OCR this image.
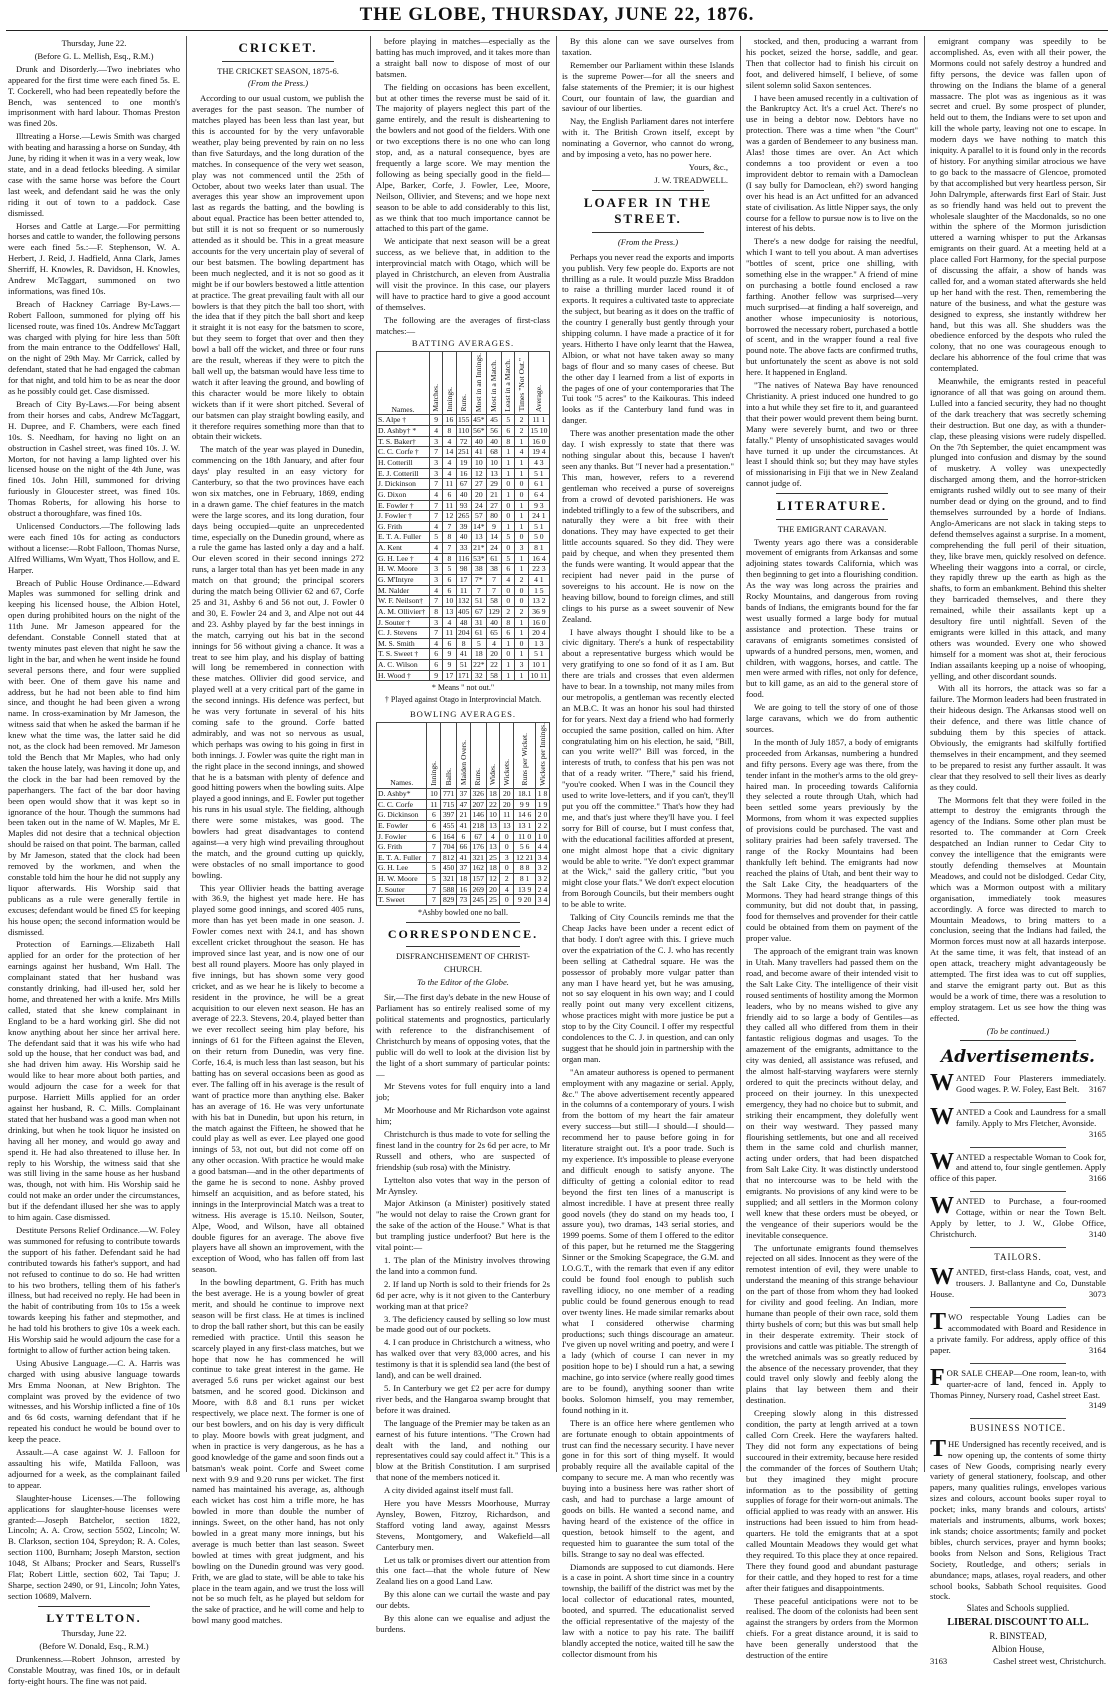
THE GLOBE, THURSDAY, JUNE 22, 1876.
Thursday, June 22.
(Before G. L. Mellish, Esq., R.M.)

Drunk and Disorderly.—Two inebriates who appeared for the first time were each fined 5s. E. T. Cockerell, who had been repeatedly before the Bench, was sentenced to one month's imprisonment with hard labour. Thomas Preston was fined 20s.

Illtreating a Horse.—Lewis Smith was charged with beating and harassing a horse on Sunday, 4th June, by riding it when it was in a very weak, low state, and in a dead fetlocks bleeding. A similar case with the same horse was before the Court last week, and defendant said he was the only riding it out of town to a paddock. Case dismissed.

Horses and Cattle at Large.—For permitting horses and cattle to wander, the following persons were each fined 5s.:—F. Stephenson, W. A. Herbert, J. Reid, J. Hadfield, Anna Clark, James Sherriff, H. Knowles, R. Davidson, H. Knowles, Andrew McTaggart, summoned on two informations, was fined 10s.

Breach of Hackney Carriage By-Laws.—Robert Falloon, summoned for plying off his licensed route, was fined 10s. Andrew McTaggart was charged with plying for hire less than 50ft from the main entrance to the Oddfellows' Hall, on the night of 29th May. Mr Carrick, called by defendant, stated that he had engaged the cabman for that night, and told him to be as near the door as he possibly could get. Case dismissed.

Breach of City By-Laws.—For being absent from their horses and cabs, Andrew McTaggart, H. Dupree, and F. Chambers, were each fined 10s. S. Needham, for having no light on an obstruction in Cashel street, was fined 10s. J. W. Morton, for not having a lamp lighted over his licensed house on the night of the 4th June, was fined 10s. John Hill, summoned for driving furiously in Gloucester street, was fined 10s. Thomas Roberts, for allowing his horse to obstruct a thoroughfare, was fined 10s.

Unlicensed Conductors.—The following lads were each fined 10s for acting as conductors without a license:—Robt Falloon, Thomas Nurse, Alfred Williams, Wm Wyatt, Thos Hollow, and E. Harper.

Breach of Public House Ordinance.—Edward Maples was summoned for selling drink and keeping his licensed house, the Albion Hotel, open during prohibited hours on the night of the 11th June. Mr Jameson appeared for the defendant. Constable Connell stated that at twenty minutes past eleven that night he saw the light in the bar, and when he went inside he found several persons there, and four were supplied with beer. One of them gave his name and address, but he had not been able to find him since, and thought he had been given a wrong name. In cross-examination by Mr Jameson, the witness said that when he asked the barman if he knew what the time was, the latter said he did not, as the clock had been removed. Mr Jameson told the Bench that Mr Maples, who had only taken the house lately, was having it done up, and the clock in the bar had been removed by the paperhangers. The fact of the bar door having been open would show that it was kept so in ignorance of the hour. Though the summons had been taken out in the name of W. Maples, Mr E. Maples did not desire that a technical objection should be raised on that point. The barman, called by Mr Jameson, stated that the clock had been removed by the workmen, and when the constable told him the hour he did not supply any liquor afterwards. His Worship said that publicans as a rule were generally fertile in excuses; defendant would be fined £5 for keeping his house open; the second information would be dismissed.

Protection of Earnings.—Elizabeth Hall applied for an order for the protection of her earnings against her husband, Wm Hall. The complainant stated that her husband was constantly drinking, had ill-used her, sold her home, and threatened her with a knife. Mrs Mills called, stated that she knew complainant in England to be a hard working girl. She did not know anything about her since her arrival here. The defendant said that it was his wife who had sold up the house, that her conduct was bad, and she had driven him away. His Worship said he would like to hear more about both parties, and would adjourn the case for a week for that purpose. Harriett Mills applied for an order against her husband, R. C. Mills. Complainant stated that her husband was a good man when not drinking, but when he took liquor he insisted on having all her money, and would go away and spend it. He had also threatened to illuse her. In reply to his Worship, the witness said that she was still living in the same house as her husband was, though, not with him. His Worship said he could not make an order under the circumstances, but if the defendant illused her she was to apply to him again. Case dismissed.

Destitute Persons Relief Ordinance.—W. Foley was summoned for refusing to contribute towards the support of his father. Defendant said he had contributed towards his father's support, and had not refused to continue to do so. He had written to his two brothers, telling them of his father's illness, but had received no reply. He had been in the habit of contributing from 10s to 15s a week towards keeping his father and stepmother, and he had told his brothers to give 10s a week each. His Worship said he would adjourn the case for a fortnight to allow of further action being taken.

Using Abusive Language.—C. A. Harris was charged with using abusive language towards Mrs Emma Noonan, at New Brighton. The complaint was proved by the evidence of two witnesses, and his Worship inflicted a fine of 10s and 6s 6d costs, warning defendant that if he repeated his conduct he would be bound over to keep the peace.

Assault.—A case against W. J. Falloon for assaulting his wife, Matilda Falloon, was adjourned for a week, as the complainant failed to appear.

Slaughter-house Licenses.—The following applications for slaughter-house licenses were granted:—Joseph Batchelor, section 1822, Lincoln; A. A. Crow, section 5502, Lincoln; W. B. Clarkson, section 104, Spreydon; R. A. Coles, section 1100, Burnham; Joseph Marston, section 1048, St Albans; Procker and Sears, Russell's Flat; Robert Little, section 602, Tai Tapu; J. Sharpe, section 2490, or 91, Lincoln; John Yates, section 10689, Malvern.

LYTTELTON.
Thursday, June 22.
(Before W. Donald, Esq., R.M.)

Drunkenness.—Robert Johnson, arrested by Constable Moutray, was fined 10s, or in default forty-eight hours. The fine was not paid.

CRICKET.
THE CRICKET SEASON, 1875-6.
(From the Press.)

According to our usual custom, we publish the averages for the past season. The number of matches played has been less than last year, but this is accounted for by the very unfavorable weather, play being prevented by rain on no less than five Saturdays, and the long duration of the matches. In consequence of the very wet season, play was not commenced until the 25th of October, about two weeks later than usual. The averages this year show an improvement upon last as regards the batting, and the bowling is about equal. Practice has been better attended to, but still it is not so frequent or so numerously attended as it should be. This in a great measure accounts for the very uncertain play of several of our best batsmen. The bowling department has been much neglected, and it is not so good as it might be if our bowlers bestowed a little attention at practice. The great prevailing fault with all our bowlers is that they pitch the ball too short, with the idea that if they pitch the ball short and keep it straight it is not easy for the batsmen to score, but they seem to forget that over and then they bowl a ball off the wicket, and three or four runs are the result, whereas if they were to pitch the ball well up, the batsman would have less time to watch it after leaving the ground, and bowling of this character would be more likely to obtain wickets than if it were short pitched. Several of our batsmen can play straight bowling easily, and it therefore requires something more than that to obtain their wickets.

The match of the year was played in Dunedin, commencing on the 18th January, and after four days' play resulted in an easy victory for Canterbury, so that the two provinces have each won six matches, one in February, 1869, ending in a drawn game. The chief features in the match were the large scores, and its long duration, four days being occupied—quite an unprecedented time, especially on the Dunedin ground, where as a rule the game has lasted only a day and a half. Our eleven scored in their second innings 272 runs, a larger total than has yet been made in any match on that ground; the principal scorers during the match being Ollivier 62 and 67, Corfe 25 and 31, Ashby 6 and 56 not out, J. Fowler 0 and 30, E. Fowler 24 and 3, and Alpe not out 44 and 23. Ashby played by far the best innings in the match, carrying out his bat in the second innings for 56 without giving a chance. It was a treat to see him play, and his display of batting will long be remembered in connection with these matches. Ollivier did good service, and played well at a very critical part of the game in the second innings. His defence was perfect, but he was very fortunate in several of his hits coming safe to the ground. Corfe batted admirably, and was not so nervous as usual, which perhaps was owing to his going in first in both innings. J. Fowler was quite the right man in the right place in the second innings, and showed that he is a batsman with plenty of defence and good hitting powers when the bowling suits. Alpe played a good innings, and E. Fowler put together his runs in his usual style. The fielding, although there were some mistakes, was good. The bowlers had great disadvantages to contend against—a very high wind prevailing throughout the match, and the ground cutting up quickly, were obstacles of no small importance to good bowling.

This year Ollivier heads the batting average with 36.9, the highest yet made here. He has played some good innings, and scored 405 runs, more than has yet been made in one season. J. Fowler comes next with 24.1, and has shown excellent cricket throughout the season. He has improved since last year, and is now one of our best all round players. Moore has only played in five innings, but has shown some very good cricket, and as we hear he is likely to become a resident in the province, he will be a great acquisition to our eleven next season. He has an average of 22.3. Stevens, 20.4, played better than we ever recollect seeing him play before, his innings of 61 for the Fifteen against the Eleven, on their return from Dunedin, was very fine. Corfe, 16.4, is much less than last season, but his batting has on several occasions been as good as ever. The falling off in his average is the result of want of practice more than anything else. Baker has an average of 16. He was very unfortunate with his bat in Dunedin, but upon his return, in the match against the Fifteen, he showed that he could play as well as ever. Lee played one good innings of 53, not out, but did not come off on any other occasion. With practice he would make a good batsman—and in the other departments of the game he is second to none. Ashby proved himself an acquisition, and as before stated, his innings in the Interprovincial Match was a treat to witness. His average is 15.10. Neilson, Souter, Alpe, Wood, and Wilson, have all obtained double figures for an average. The above five players have all shown an improvement, with the exception of Wood, who has fallen off from last season.

In the bowling department, G. Frith has much the best average. He is a young bowler of great merit, and should he continue to improve next season will be first class. He at times is inclined to drop the ball rather short, but this can be easily remedied with practice. Until this season he scarcely played in any first-class matches, but we hope that now he has commenced he will continue to take great interest in the game. He averaged 5.6 runs per wicket against our best batsmen, and he scored good. Dickinson and Moore, with 8.8 and 8.1 runs per wicket respectively, we place next. The former is one of our best bowlers, and on his day is very difficult to play. Moore bowls with great judgment, and when in practice is very dangerous, as he has a good knowledge of the game and soon finds out a batsman's weak point. Corfe and Sweet come next with 9.9 and 9.20 runs per wicket. The first named has maintained his average, as, although each wicket has cost him a trifle more, he has bowled in more than double the number of innings. Sweet, on the other hand, has not only bowled in a great many more innings, but his average is much better than last season. Sweet bowled at times with great judgment, and his bowling on the Dunedin ground was very good. Frith, we are glad to state, will be able to take his place in the team again, and we trust the loss will not be so much felt, as he played but seldom for the sake of practice, and he will come and help to bowl many good matches.

before playing in matches—especially as the batting has much improved, and it takes more than a straight ball now to dispose of most of our batsmen.

The fielding on occasions has been excellent, but at other times the reverse must be said of it. The majority of players neglect this part of the game entirely, and the result is disheartening to the bowlers and not good of the fielders. With one or two exceptions there is no one who can long stop, and, as a natural consequence, byes are frequently a large score. We may mention the following as being specially good in the field—Alpe, Barker, Corfe, J. Fowler, Lee, Moore, Neilson, Ollivier, and Stevens; and we hope next season to be able to add considerably to this list, as we think that too much importance cannot be attached to this part of the game.

We anticipate that next season will be a great success, as we believe that, in addition to the interprovincial match with Otago, which will be played in Christchurch, an eleven from Australia will visit the province. In this case, our players will have to practice hard to give a good account of themselves.

The following are the averages of first-class matches:—

BATTING AVERAGES.
Names.	Matches.	Innings.	Runs.	Most in an Innings.	Most in a Match.	Least in a Match.	Times "Not Out."	Average.
S. Alpe †	9	16	155	45*	45	5	2	11 1
D. Ashby† *	4	8	110	56*	56	6	2	15 10
T. S. Baker†	3	4	72	40	40	8	1	16 0
C. C. Corfe †	7	14	251	41	68	1	4	19 4
H. Cotterill	3	4	19	10	10	1	1	4 3
E. J. Cotterill	3	4	16	12	13	1	1	5 1
J. Dickinson	7	11	67	27	29	0	0	6 1
G. Dixon	4	6	40	20	21	1	0	6 4
E. Fowler †	7	11	93	24	27	0	1	9 3
J. Fowler †	7	12	265	57	80	0	1	24 1
G. Frith	4	7	39	14*	9	1	1	5 1
E. T. A. Fuller	5	8	40	13	14	5	0	5 0
A. Kent	4	7	33	21*	24	0	3	8 1
G. H. Lee †	4	8	116	53*	61	5	1	16 4
H. W. Moore	3	5	98	38	38	6	1	22 3
G. M'Intyre	3	6	17	7*	7	4	2	4 1
M. Nalder	4	6	11	7	7	0	0	1 5
W. F. Neilson†	7	10	132	51	58	0	0	13 2
A. M. Ollivier†	8	13	405	67	129	2	2	36 9
J. Souter †	3	4	48	31	40	8	1	16 0
C. J. Stevens	7	11	204	61	65	6	1	20 4
M. S. Smith	4	6	8	5	4	1	0	1 3
T. S. Sweet †	6	9	41	18	20	0	1	5 1
A. C. Wilson	6	9	51	22*	22	1	3	10 1
H. Wood †	9	17	171	32	58	1	1	10 11
* Means " not out."
† Played against Otago in Interprovincial Match.
BOWLING AVERAGES.
Names.	Innings.	Balls.	Maiden Overs.	Runs.	Wides.	Wickets.	Runs per Wicket.	Wickets per Innings.
D. Ashby*	10	771	37	326	18	20	18.1	1 8
C. C. Corfe	11	715	47	207	22	20	9 9	1 9
G. Dickinson	6	397	21	146	10	11	14 6	2 0
E. Fowler	6	455	41	218	13	13	13 1	2 2
J. Fowler	6	164	6	67	4	0	11 0	1 0
G. Frith	7	704	66	176	13	0	5 6	4 4
E. T. A. Fuller	7	812	41	321	25	3	12 21	3 4
G. H. Lee	5	450	37	162	18	0	8 8	3 2
H. W. Moore	5	321	18	157	12	2	8 1	3 2
J. Souter	7	588	16	269	20	4	13 9	2 4
T. Sweet	7	829	73	245	25	0	9 20	3 4
*Ashby bowled one no ball.
CORRESPONDENCE.
DISFRANCHISEMENT OF CHRIST-
CHURCH.
To the Editor of the Globe.

Sir,—The first day's debate in the new House of Parliament has so entirely realised some of my political statements and prognostics, particularly with reference to the disfranchisement of Christchurch by means of opposing votes, that the public will do well to look at the division list by the light of a short summary of particular points:—

Mr Stevens votes for full enquiry into a land job;

Mr Moorhouse and Mr Richardson vote against him;

Christchurch is thus made to vote for selling the finest land in the country for 2s 6d per acre, to Mr Russell and others, who are suspected of friendship (sub rosa) with the Ministry.

Lyttelton also votes that way in the person of Mr Aynsley.

Major Atkinson (a Minister) positively stated "he would not delay to raise the Crown grant for the sake of the action of the House." What is that but trampling justice underfoot? But here is the vital point:—

1. The plan of the Ministry involves throwing the land into a common fund.

2. If land up North is sold to their friends for 2s 6d per acre, why is it not given to the Canterbury working man at that price?

3. The deficiency caused by selling so low must be made good out of our pockets.

4. I can produce in Christchurch a witness, who has walked over that very 83,000 acres, and his testimony is that it is splendid sea land (the best of land), and can be well drained.

5. In Canterbury we get £2 per acre for dumpy river beds, and the Hangaroa swamp brought that before it was drained.

The language of the Premier may be taken as an earnest of his future intentions. "The Crown had dealt with the land, and nothing our representatives could say could affect it." This is a blow at the British Constitution. I am surprised that none of the members noticed it.

A city divided against itself must fall.

Here you have Messrs Moorhouse, Murray Aynsley, Bowen, Fitzroy, Richardson, and Stafford voting land away, against Messrs Stevens, Montgomery, and Wakefield—all Canterbury men.

Let us talk or promises divert our attention from this one fact—that the whole future of New Zealand lies on a good Land Law.

By this alone can we curtail the waste and pay our debts.

By this alone can we equalise and adjust the burdens.

By this alone can we save ourselves from taxation.

Remember our Parliament within these Islands is the supreme Power—for all the sneers and false statements of the Premier; it is our highest Court, our fountain of law, the guardian and saviour of our liberties.

Nay, the English Parliament dares not interfere with it. The British Crown itself, except by nominating a Governor, who cannot do wrong, and by imposing a veto, has no power here.

Yours, &c.,
J. W. TREADWELL.
LOAFER IN THE STREET.
(From the Press.)

Perhaps you never read the exports and imports you publish. Very few people do. Exports are not thrilling as a rule. It would puzzle Miss Braddon to raise a thrilling murder laced round it of exports. It requires a cultivated taste to appreciate the subject, but bearing as it does on the traffic of the country I generally bust gently through your shipping column. I have made a practice of it for years. Hitherto I have only learnt that the Hawea, Albion, or what not have taken away so many bags of flour and so many cases of cheese. But the other day I learned from a list of exports in the pages of one of your contemporaries that The Tui took "5 acres" to the Kaikouras. This indeed looks as if the Canterbury land fund was in danger.

There was another presentation made the other day. I wish expressly to state that there was nothing singular about this, because I haven't seen any thanks. But "I never had a presentation." This man, however, refers to a reverend gentleman who received a purse of sovereigns from a crowd of devoted parishioners. He was indebted triflingly to a few of the subscribers, and naturally they were a bit free with their donations. They may have expected to get their little accounts squared. So they did. They were paid by cheque, and when they presented them the funds were wanting. It would appear that the recipient had never paid in the purse of sovereigns to his account. He is now on the heaving billow, bound to foreign climes, and still clings to his purse as a sweet souvenir of New Zealand.

I have always thought I should like to be a civic dignitary. There's a hunk of respectability about a representative burgess which would be very gratifying to one so fond of it as I am. But there are trials and crosses that even aldermen have to bear. In a township, not many miles from our metropolis, a gentleman was recently elected an M.B.C. It was an honor his soul had thirsted for for years. Next day a friend who had formerly occupied the same position, called on him. After congratulating him on his election, he said, "Bill, can you write well?" Bill was forced, in the interests of truth, to confess that his pen was not that of a ready writer. "There," said his friend, "you're cooked. When I was in the Council they used to write love-letters, and if you can't, they'll put you off the committee." That's how they had me, and that's just where they'll have you. I feel sorry for Bill of course, but I must confess that, with the educational facilities afforded at present, one might almost hope that a civic dignitary would be able to write. "Ye don't expect grammar at the Wick," said the gallery critic, "but you might close your flats." We don't expect elocution from Borough Councils, but their members ought to be able to write.

Talking of City Councils reminds me that the Cheap Jacks have been under a recent edict of that body. I don't agree with this. I grieve much over the expatriation of the C. J. who has recently been selling at Cathedral square. He was the possessor of probably more vulgar patter than any man I have heard yet, but he was amusing, not so say eloquent in his own way; and I could really point out many very excellent citizens, whose practices might with more justice be put a stop to by the City Council. I offer my respectful condolences to the C. J. in question, and can only suggest that he should join in partnership with the organ man.

"An amateur authoress is opened to permanent employment with any magazine or serial. Apply, &c." The above advertisement recently appeared in the columns of a contemporary of yours. I wish from the bottom of my heart the fair amateur every success—but still—I should—I should—recommend her to pause before going in for literature straight out. It's a poor trade. Such is my experience. It's impossible to please everyone and difficult enough to satisfy anyone. The difficulty of getting a colonial editor to read beyond the first ten lines of a manuscript is almost incredible. I have at present three really good novels (they do stand on my heads too, I assure you), two dramas, 143 serial stories, and 1999 poems. Some of them I offered to the editor of this paper, but he returned me the Staggering Sinner or the Smoking Scapegrace, the G.M. and I.O.G.T., with the remark that even if any editor could be found fool enough to publish such ravelling idiocy, no one member of a reading public could be found generous enough to read over twenty lines. He made similar remarks about what I considered otherwise charming productions; such things discourage an amateur. I've given up novel writing and poetry, and were I a lady (which of course I can never in my position hope to be) I should run a hat, a sewing machine, go into service (where really good times are to be found), anything sooner than write books. Solomon himself, you may remember, found nothing in it.

There is an office here where gentlemen who are fortunate enough to obtain appointments of trust can find the necessary security. I have never gone in for this sort of thing myself. It would probably require all the available capital of the company to secure me. A man who recently was buying into a business here was rather short of cash, and had to purchase a large amount of goods on bills. He wanted a second name, and having heard of the existence of the office in question, betook himself to the agent, and requested him to guarantee the sum total of the bills. Strange to say no deal was effected.

Diamonds are supposed to cut diamonds. Here is a case in point. A short time since in a country township, the bailiff of the district was met by the local collector of educational rates, mounted, booted, and spurred. The educationalist served the official representative of the majesty of the law with a notice to pay his rate. The bailiff blandly accepted the notice, waited till he saw the collector dismount from his

stocked, and then, producing a warrant from his pocket, seized the horse, saddle, and gear. Then that collector had to finish his circuit on foot, and delivered himself, I believe, of some silent solemn solid Saxon sentences.

I have been amused recently in a cultivation of the Bankruptcy Act. It's a cruel Act. There's no use in being a debtor now. Debtors have no protection. There was a time when "the Court" was a garden of Bendemeer to any business man. Alas! those times are over. An Act which condemns a too provident or even a too improvident debtor to remain with a Damoclean (I say bully for Damoclean, eh?) sword hanging over his head is an Act unfitted for an advanced state of civilisation. As little Nipper says, the only course for a fellow to pursue now is to live on the interest of his debts.

There's a new dodge for raising the needful, which I want to tell you about. A man advertises "bottles of scent, price one shilling, with something else in the wrapper." A friend of mine on purchasing a bottle found enclosed a raw farthing. Another fellow was surprised—very much surprised—at finding a half sovereign, and another whose impecuniosity is notorious, borrowed the necessary robert, purchased a bottle of scent, and in the wrapper found a real five pound note. The above facts are confirmed truths, but unfortunately the scent as above is not sold here. It happened in England.

"The natives of Natewa Bay have renounced Christianity. A priest induced one hundred to go into a hut while they set fire to it, and guaranteed that their power would prevent them being burnt. Many were severely burnt, and two or three fatally." Plenty of unsophisticated savages would have turned it up under the circumstances. At least I should think so; but they may have styles of missionarising in Fiji that we in New Zealand cannot judge of.

LITERATURE.
THE EMIGRANT CARAVAN.

Twenty years ago there was a considerable movement of emigrants from Arkansas and some adjoining states towards California, which was then beginning to get into a flourishing condition. As the way was long across the prairies and Rocky Mountains, and dangerous from roving bands of Indians, the emigrants bound for the far west usually formed a large body for mutual assistance and protection. These trains or caravans of emigrants sometimes consisted of upwards of a hundred persons, men, women, and children, with waggons, horses, and cattle. The men were armed with rifles, not only for defence, but to kill game, as an aid to the general store of food.

We are going to tell the story of one of those large caravans, which we do from authentic sources.

In the month of July 1857, a body of emigrants proceeded from Arkansas, numbering a hundred and fifty persons. Every age was there, from the tender infant in the mother's arms to the old grey-haired man. In proceeding towards California they selected a route through Utah, which had been settled some years previously by the Mormons, from whom it was expected supplies of provisions could be purchased. The vast and solitary prairies had been safely traversed. The range of the Rocky Mountains had been thankfully left behind. The emigrants had now reached the plains of Utah, and bent their way to the Salt Lake City, the headquarters of the Mormons. They had heard strange things of this community, but did not doubt that, in passing, food for themselves and provender for their cattle could be obtained from them on payment of the proper value.

The approach of the emigrant train was known in Utah. Many travellers had passed them on the road, and become aware of their intended visit to the Salt Lake City. The intelligence of their visit roused sentiments of hostility among the Mormon leaders, who by no means wished to give any friendly aid to so large a body of Gentiles—as they called all who differed from them in their fantastic religious dogmas and usages. To the amazement of the emigrants, admittance to the city was denied, all assistance was refused, and the almost half-starving wayfarers were sternly ordered to quit the precincts without delay, and proceed on their journey. In this unexpected emergency, they had no choice but to submit, and striking their encampment, they dolefully went on their way westward. They passed many flourishing settlements, but one and all received them in the same cold and churlish manner, acting under orders, that had been dispatched from Salt Lake City. It was distinctly understood that no intercourse was to be held with the emigrants. No provisions of any kind were to be supplied; and all settlers in the Mormon colony well knew that these orders must be obeyed, or the vengeance of their superiors would be the inevitable consequence.

The unfortunate emigrants found themselves rejected on all sides. Innocent as they were of the remotest intention of evil, they were unable to understand the meaning of this strange behaviour on the part of those from whom they had looked for civility and good feeling. An Indian, more humane than people of their own race, sold them thirty bushels of corn; but this was but small help in their desperate extremity. Their stock of provisions and cattle was pitiable. The strength of the wretched animals was so greatly reduced by the absence of the necessary provender, that they could travel only slowly and feebly along the plains that lay between them and their destination.

Creeping slowly along in this distressed condition, the party at length arrived at a town called Corn Creek. Here the wayfarers halted. They did not form any expectations of being succoured in their extremity, because here resided the commander of the forces of Southern Utah; but they imagined they might procure information as to the possibility of getting supplies of forage for their worn-out animals. The official applied to was ready with an answer. His instructions had been issued to him from head-quarters. He told the emigrants that at a spot called Mountain Meadows they would get what they required. To this place they at once repaired. There they found good and abundant pasturage for their cattle, and they hoped to rest for a time after their fatigues and disappointments.

These peaceful anticipations were not to be realised. The doom of the colonists had been sent against the strangers by orders from the Mormon chiefs. For a great distance around, it is said to have been generally understood that the destruction of the entire

emigrant company was speedily to be accomplished. As, even with all their power, the Mormons could not safely destroy a hundred and fifty persons, the device was fallen upon of throwing on the Indians the blame of a general massacre. The plot was as ingenious as it was secret and cruel. By some prospect of plunder, held out to them, the Indians were to set upon and kill the whole party, leaving not one to escape. In modern days we have nothing to match this iniquity. A parallel to it is found only in the records of history. For anything similar atrocious we have to go back to the massacre of Glencoe, promoted by that accomplished but very heartless person, Sir John Dalrymple, afterwards first Earl of Stair. Just as so friendly hand was held out to prevent the wholesale slaughter of the Macdonalds, so no one within the sphere of the Mormon jurisdiction uttered a warning whisper to put the Arkansas emigrants on their guard. At a meeting held at a place called Fort Harmony, for the special purpose of discussing the affair, a show of hands was called for, and a woman stated afterwards she held up her hand with the rest. Then, remembering the nature of the business, and what the gesture was designed to express, she instantly withdrew her hand, but this was all. She shudders was the obedience enforced by the despots who ruled the colony, that no one was courageous enough to declare his abhorrence of the foul crime that was contemplated.

Meanwhile, the emigrants rested in peaceful ignorance of all that was going on around them. Lulled into a fancied security, they had no thought of the dark treachery that was secretly scheming their destruction. But one day, as with a thunder-clap, these pleasing visions were rudely dispelled. On the 7th September, the quiet encampment was plunged into confusion and dismay by the sound of musketry. A volley was unexpectedly discharged among them, and the horror-stricken emigrants rushed wildly out to see many of their number dead or dying on the ground, and to find themselves surrounded by a horde of Indians. Anglo-Americans are not slack in taking steps to defend themselves against a surprise. In a moment, comprehending the full peril of their situation, they, like brave men, quickly resolved on defence. Wheeling their waggons into a corral, or circle, they rapidly threw up the earth as high as the shafts, to form an embankment. Behind this shelter they barricaded themselves, and there they remained, while their assailants kept up a desultory fire until nightfall. Seven of the emigrants were killed in this attack, and many others was wounded. Every one who showed himself for a moment was shot at, their ferocious Indian assailants keeping up a noise of whooping, yelling, and other discordant sounds.

With all its horrors, the attack was so far a failure. The Mormon leaders had been frustrated in their hideous design. The Arkansas stood well on their defence, and there was little chance of subduing them by this species of attack. Obviously, the emigrants had skilfully fortified themselves in their encampment, and they seemed to be prepared to resist any further assault. It was clear that they resolved to sell their lives as dearly as they could.

The Mormons felt that they were foiled in the attempt to destroy the emigrants through the agency of the Indians. Some other plan must be resorted to. The commander at Corn Creek despatched an Indian runner to Cedar City to convey the intelligence that the emigrants were stoutly defending themselves at Mountain Meadows, and could not be dislodged. Cedar City, which was a Mormon outpost with a military organisation, immediately took measures accordingly. A force was directed to march to Mountain Meadows, to bring matters to a conclusion, seeing that the Indians had failed, the Mormon forces must now at all hazards interpose. At the same time, it was felt, that instead of an open attack, treachery might advantageously be attempted. The first idea was to cut off supplies, and starve the emigrant party out. But as this would be a work of time, there was a resolution to employ stratagem. Let us see how the thing was effected.

(To be continued.)
Advertisements.
WANTED Four Plasterers immediately. Good wages. P. W. Foley, East Belt. 3167
WANTED a Cook and Laundress for a small family. Apply to Mrs Fletcher, Avonside.
3165
WANTED a respectable Woman to Cook for, and attend to, four single gentlemen. Apply office of this paper.	3166
WANTED to Purchase, a four-roomed Cottage, within or near the Town Belt. Apply by letter, to J. W., Globe Office, Christchurch.	3140
TAILORS.
WANTED, first-class Hands, coat, vest, and trousers. J. Ballantyne and Co, Dunstable House.	3073
TWO respectable Young Ladies can be accommodated with Board and Residence in a private family. For address, apply office of this paper.	3164
FOR SALE CHEAP—One room, lean-to, with quarter-acre of land, fenced in. Apply to Thomas Pinney, Nursery road, Cashel street East.
3149
BUSINESS NOTICE.
T HE Undersigned has recently received, and is now opening up, the contents of some thirty cases of New Goods, comprising nearly every variety of general stationery, foolscap, and other papers, many qualities rulings, envelopes various sizes and colours, account books super royal to pocket; inks, many brands and colours, artists' materials and instruments, albums, work boxes; ink stands; choice assortments; family and pocket bibles, church services, prayer and hymn books; books from Nelson and Sons, Religious Tract Society, Routledge, and others; serials in abundance; maps, atlases, royal readers, and other school books, Sabbath School requisites. Good stock.
Slates and Schools supplied.
LIBERAL DISCOUNT TO ALL.
R. BINSTEAD,
Albion House,
3163	Cashel street west, Christchurch.
